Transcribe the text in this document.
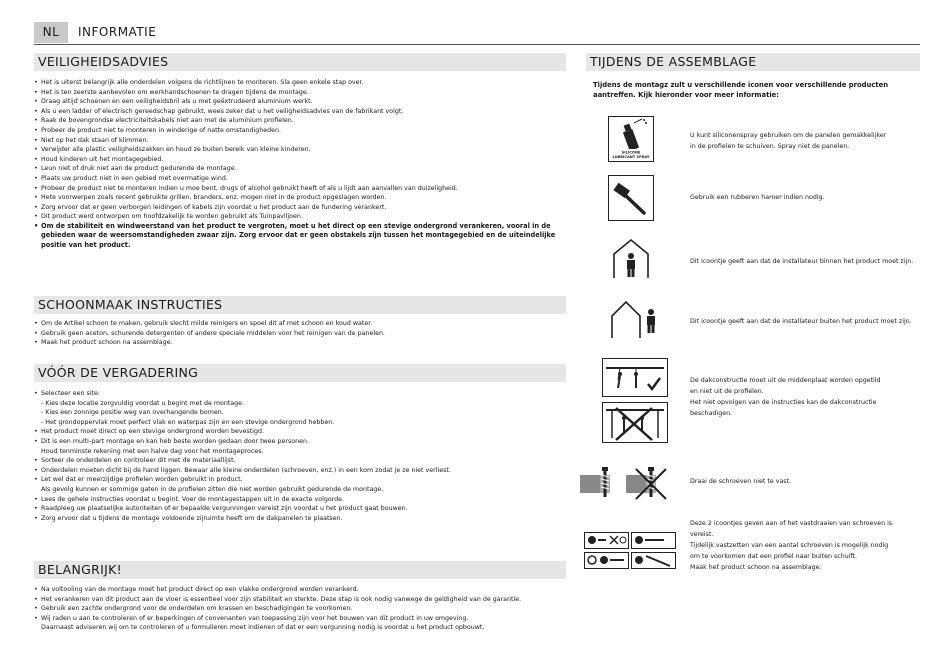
NL	INFORMATIE
VEILIGHEIDSADVIES
• Het is uiterst belangrijk alle onderdelen volgens de richtlijnen te monteren. Sla geen enkele stap over.
• Het is ten zeerste aanbevolen om werkhandschoenen te dragen tijdens de montage.
• Draag altijd schoenen en een veiligheidsbril als u met geëxtrudeerd aluminium werkt.
• Als u een ladder of electrisch gereedschap gebruikt, wees zeker dat u het veiligheidsadvies van de fabrikant volgt.
• Raak de bovengrondse electriciteitskabels niet aan met de aluminium profielen.
• Probeer de product niet te monteren in winderige of natte omstandigheden.
• Niet op het dak staan of klimmen.
• Verwijder alle plastic veiligheidszakken en houd ze buiten bereik van kleine kinderen.
• Houd kinderen uit het montagegebied.
• Leun niet of druk niet aan de product gedurende de montage.
• Plaats uw product niet in een gebied met overmatige wind.
• Probeer de product niet te monteren indien u moe bent, drugs of alcohol gebruikt heeft of als u lijdt aan aanvallen van duizeligheid.
• Hete voorwerpen zoals recent gebruikte grillen, branders, enz. mogen niet in de product opgeslagen worden.
• Zorg ervoor dat er geen verborgen leidingen of kabels zijn voordat u het product aan de fundering verankert.
• Dit product werd ontworpen om hoofdzakelijk te worden gebruikt als Tuinpaviljoen.
• Om de stabiliteit en windweerstand van het product te vergroten, moet u het direct op een stevige ondergrond verankeren, vooral in de gebieden waar de weersomstandigheden zwaar zijn. Zorg ervoor dat er geen obstakels zijn tussen het montagegebied en de uiteindelijke positie van het product.
SCHOONMAAK INSTRUCTIES
• Om de Artikel schoon te maken, gebruik slecht milde reinigers en spoel dit af met schoon en koud water.
• Gebruik geen aceton, schurende detergenten of andere speciale middelen voor het reinigen van de panelen.
• Maak het product schoon na assemblage.
VÓÓR DE VERGADERING
• Selecteer een site:
- Kies deze locatie zorgvuldig voordat u begint met de montage.
- Kies een zonnige positie weg van overhangende bomen.
- Het grondoppervlak moet perfect vlak en waterpas zijn en een stevige ondergrond hebben.
• Het product moet direct op een stevige ondergrond worden bevestigd.
• Dit is een multi-part montage en kan heb beste worden gedaan door twee personen.
Houd tenminste rekening met een halve dag voor het montageproces.
• Sorteer de onderdelen en controleer dit met de materiaallijst.
• Onderdelen moeten dicht bij de hand liggen. Bewaar alle kleine onderdelen (schroeven, enz.) in een kom zodat je ze niet verliest.
• Let wel dat er meerzijdige profielen worden gebruikt in product.
Als gevolg kunnen er sommige gaten in de profielen zitten die niet worden gebruikt gedurende de montage.
• Lees de gehele instructies voordat u begint. Voer de montagestappen uit in de exacte volgorde.
• Raadpleeg uw plaatselijke autoriteiten of er bepaalde vergunningen vereist zijn voordat u het product gaat bouwen.
• Zorg ervoor dat u tijdens de montage voldoende zijruimte heeft om de dakpanelen te plaatsen.
BELANGRIJK!
• Na voltooiing van de montage moet het product direct op een vlakke ondergrond worden verankerd.
• Het verankeren van dit product aan de vloer is essentieel voor zijn stabiliteit en sterkte. Deze stap is ook nodig vanwege de geldigheid van de garantie.
• Gebruik een zachte ondergrond voor de onderdelen om krassen en beschadigingen te voorkomen.
• Wij raden u aan te controleren of er beperkingen of convenanten van toepassing zijn voor het bouwen van dit product in uw omgeving.
Daarnaast adviseren wij om te controleren of u formulieren moet indienen of dat er een vergunning nodig is voordat u het product opbouwt.
TIJDENS DE ASSEMBLAGE
Tijdens de montagz zult u verschillende iconen voor verschillende producten aantreffen. Kijk hieronder voor meer informatie:
SILICONE
LUBRICANT SPRAY
U kunt siliconenspray gebruiken om de panelen gemakkelijker
in de profielen te schuiven. Spray niet de panelen.
Gebruik een rubberen hamer indien nodig.
Dit icoontje geeft aan dat de installateur binnen het product moet zijn.
Dit icoontje geeft aan dat de installateur buiten het product moet zijn.
De dakconstructie moet uit de middenplaat worden opgetild
en niet uit de profielen.
Het niet opvolgen van de instructies kan de dakconstructie
beschadigen.
Draai de schroeven niet te vast.
Deze 2 icoontjes geven aan of het vastdraaien van schroeven is
vereist.
Tijdelijk vastzetten van een aantal schroeven is mogelijk nodig
om te voorkomen dat een profiel naar buiten schuift.
Maak het product schoon na assemblage.
